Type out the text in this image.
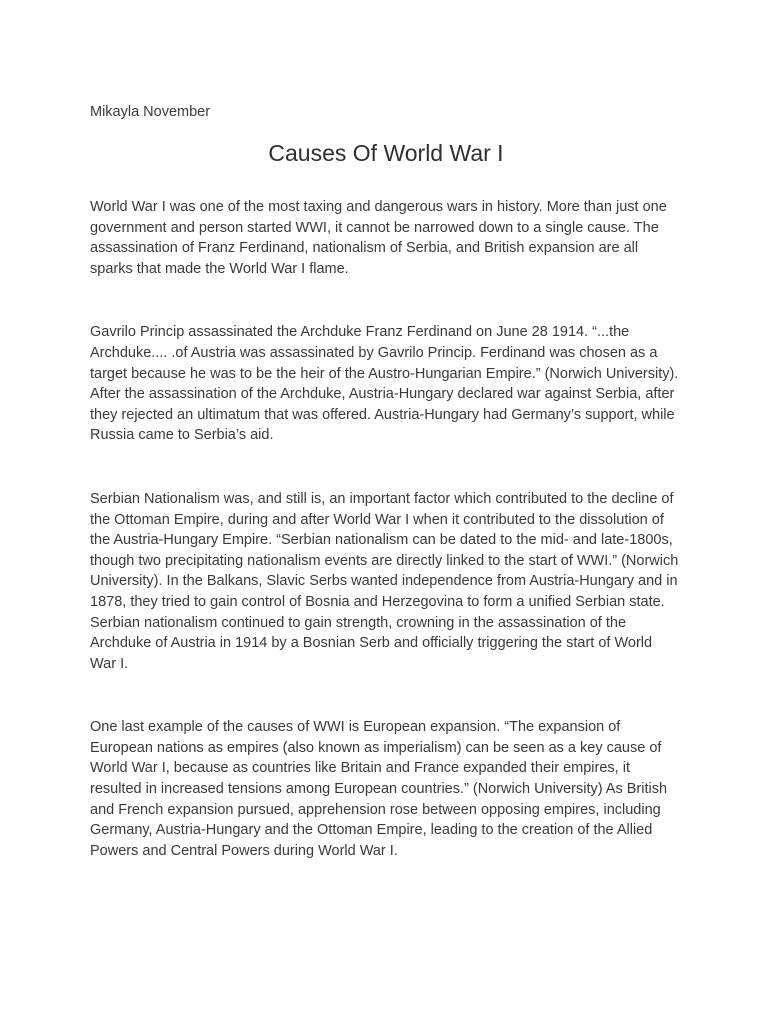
Mikayla November
Causes Of World War I

World War I was one of the most taxing and dangerous wars in history. More than just one government and person started WWI, it cannot be narrowed down to a single cause. The assassination of Franz Ferdinand, nationalism of Serbia, and British expansion are all sparks that made the World War I flame.

Gavrilo Princip assassinated the Archduke Franz Ferdinand on June 28 1914. “...the Archduke.... .of Austria was assassinated by Gavrilo Princip. Ferdinand was chosen as a target because he was to be the heir of the Austro-Hungarian Empire.” (Norwich University). After the assassination of the Archduke, Austria-Hungary declared war against Serbia, after they rejected an ultimatum that was offered. Austria-Hungary had Germany’s support, while Russia came to Serbia’s aid.

Serbian Nationalism was, and still is, an important factor which contributed to the decline of the Ottoman Empire, during and after World War I when it contributed to the dissolution of the Austria-Hungary Empire. “Serbian nationalism can be dated to the mid- and late-1800s, though two precipitating nationalism events are directly linked to the start of WWI.” (Norwich University). In the Balkans, Slavic Serbs wanted independence from Austria-Hungary and in 1878, they tried to gain control of Bosnia and Herzegovina to form a unified Serbian state. Serbian nationalism continued to gain strength, crowning in the assassination of the Archduke of Austria in 1914 by a Bosnian Serb and officially triggering the start of World War I.

One last example of the causes of WWI is European expansion. “The expansion of European nations as empires (also known as imperialism) can be seen as a key cause of World War I, because as countries like Britain and France expanded their empires, it resulted in increased tensions among European countries.” (Norwich University) As British and French expansion pursued, apprehension rose between opposing empires, including Germany, Austria-Hungary and the Ottoman Empire, leading to the creation of the Allied Powers and Central Powers during World War I.
